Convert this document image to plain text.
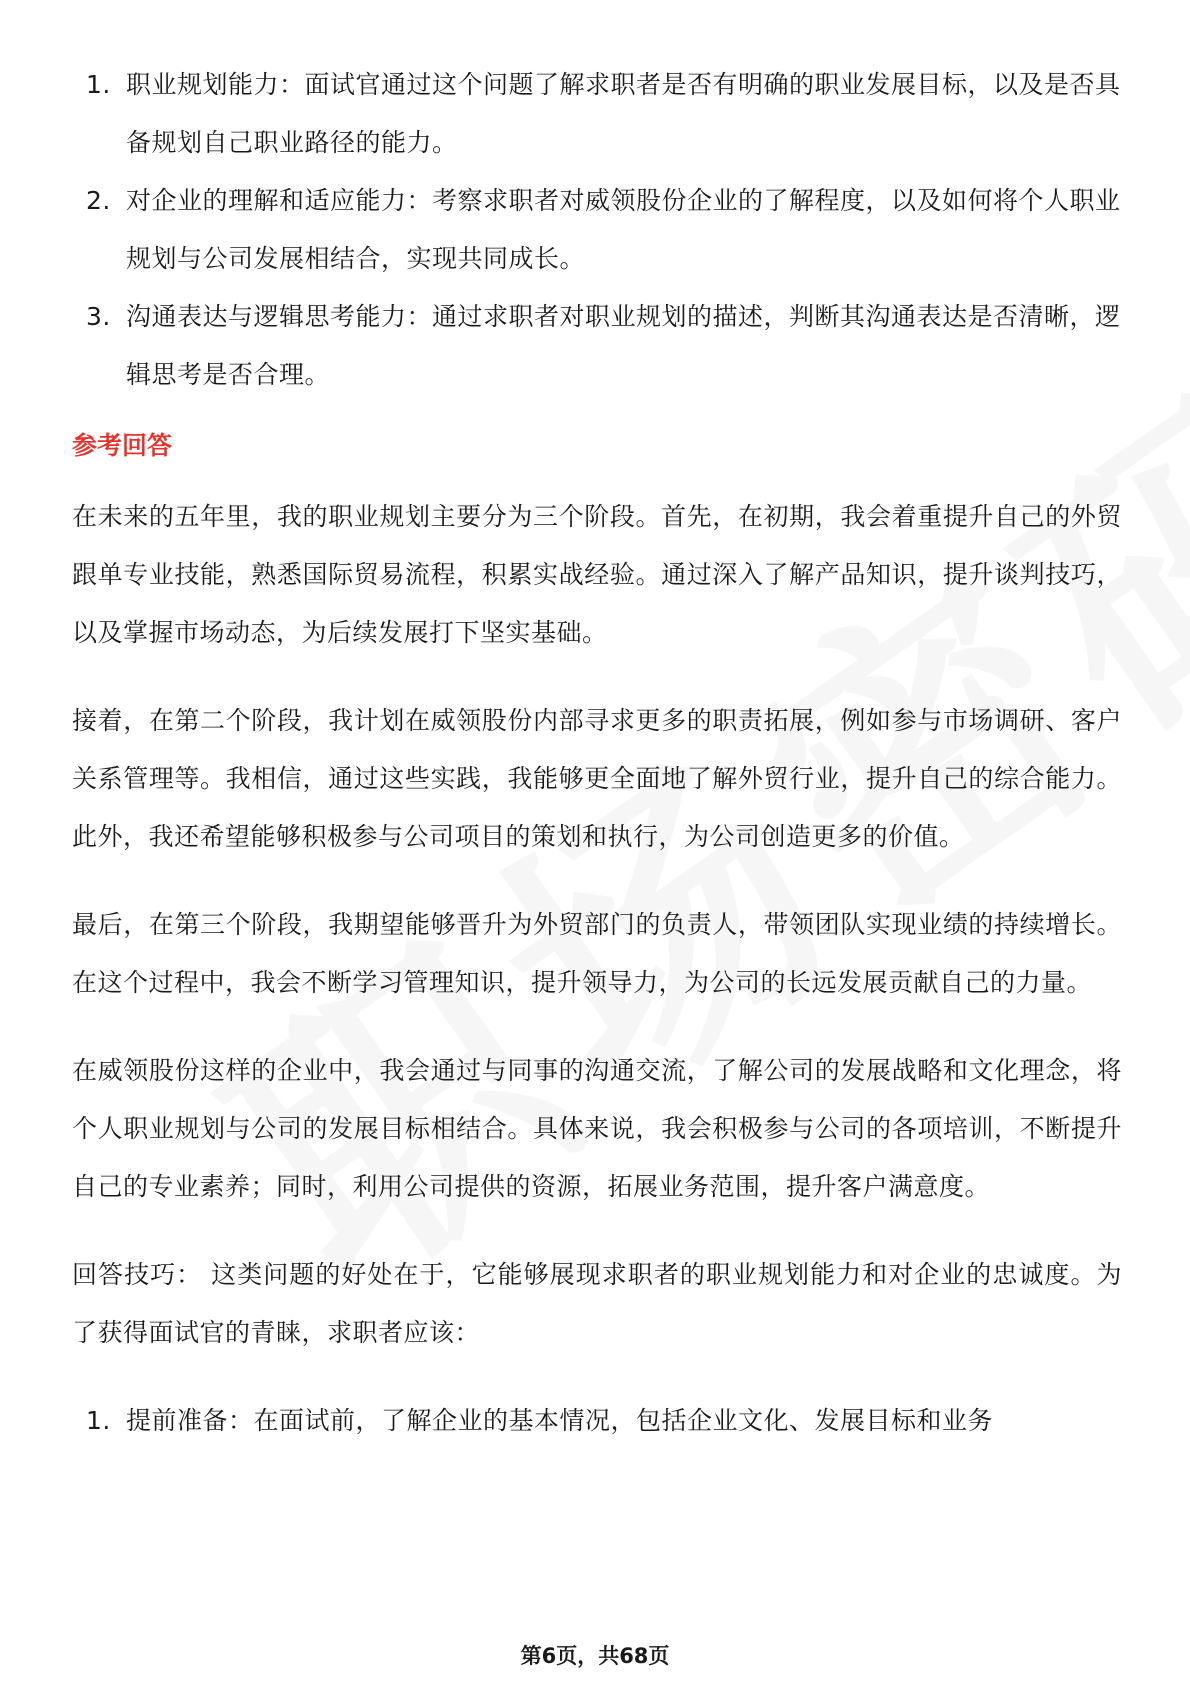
1. 职业规划能力：面试官通过这个问题了解求职者是否有明确的职业发展目标，以及是否具备规划自己职业路径的能力。
2. 对企业的理解和适应能力：考察求职者对威领股份企业的了解程度，以及如何将个人职业规划与公司发展相结合，实现共同成长。
3. 沟通表达与逻辑思考能力：通过求职者对职业规划的描述，判断其沟通表达是否清晰，逻辑思考是否合理。
参考回答

在未来的五年里，我的职业规划主要分为三个阶段。首先，在初期，我会着重提升自己的外贸跟单专业技能，熟悉国际贸易流程，积累实战经验。通过深入了解产品知识，提升谈判技巧，以及掌握市场动态，为后续发展打下坚实基础。

接着，在第二个阶段，我计划在威领股份内部寻求更多的职责拓展，例如参与市场调研、客户关系管理等。我相信，通过这些实践，我能够更全面地了解外贸行业，提升自己的综合能力。此外，我还希望能够积极参与公司项目的策划和执行，为公司创造更多的价值。

最后，在第三个阶段，我期望能够晋升为外贸部门的负责人，带领团队实现业绩的持续增长。在这个过程中，我会不断学习管理知识，提升领导力，为公司的长远发展贡献自己的力量。

在威领股份这样的企业中，我会通过与同事的沟通交流，了解公司的发展战略和文化理念，将个人职业规划与公司的发展目标相结合。具体来说，我会积极参与公司的各项培训，不断提升自己的专业素养；同时，利用公司提供的资源，拓展业务范围，提升客户满意度。

回答技巧： 这类问题的好处在于，它能够展现求职者的职业规划能力和对企业的忠诚度。为了获得面试官的青睐，求职者应该：

1. 提前准备：在面试前，了解企业的基本情况，包括企业文化、发展目标和业务
第6页，共68页
